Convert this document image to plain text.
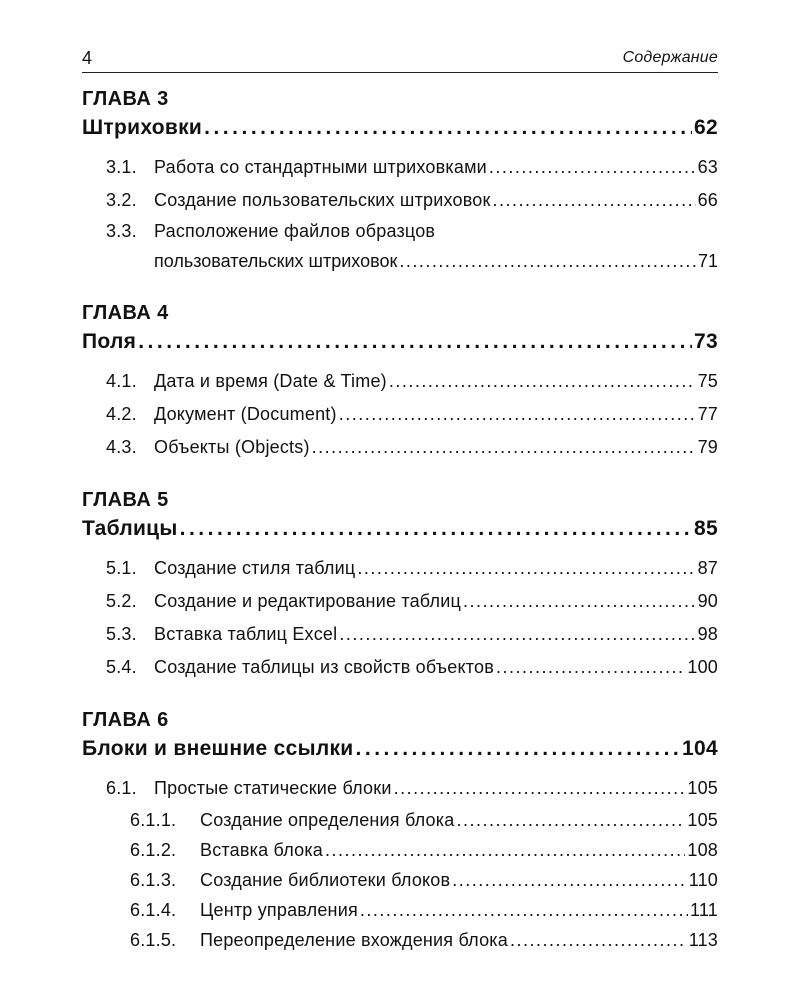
4	Содержание
ГЛАВА 3
Штриховки .....	62
3.1. Работа со стандартными штриховками .....	63
3.2. Создание пользовательских штриховок .....	66
3.3. Расположение файлов образцов
пользовательских штриховок .....	71
ГЛАВА 4
Поля .....	73
4.1. Дата и время (Date & Time) .....	75
4.2. Документ (Document) .....	77
4.3. Объекты (Objects) .....	79
ГЛАВА 5
Таблицы .....	85
5.1. Создание стиля таблиц .....	87
5.2. Создание и редактирование таблиц .....	90
5.3. Вставка таблиц Excel .....	98
5.4. Создание таблицы из свойств объектов .....	100
ГЛАВА 6
Блоки и внешние ссылки .....	104
6.1. Простые статические блоки .....	105
6.1.1.	Создание определения блока .....	105
6.1.2.	Вставка блока .....	108
6.1.3.	Создание библиотеки блоков .....	110
6.1.4.	Центр управления .....	111
6.1.5.	Переопределение вхождения блока .....	113
